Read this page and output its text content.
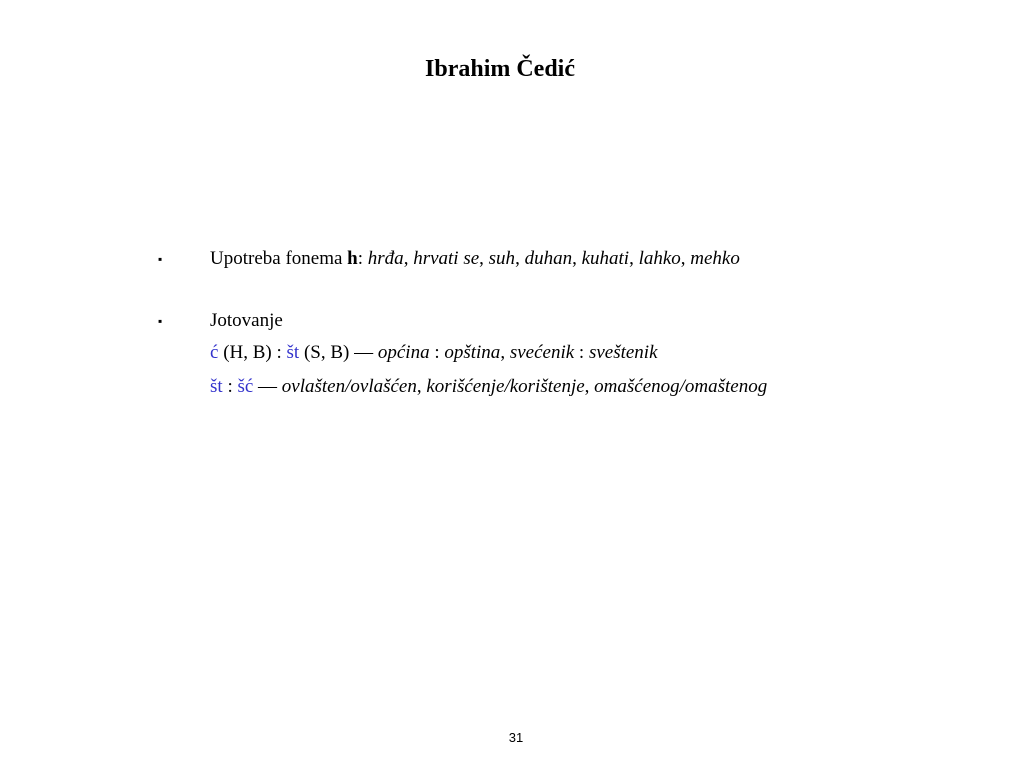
Ibrahim Čedić
▪	Upotreba fonema h: hrđa, hrvati se, suh, duhan, kuhati, lahko, mehko
▪	Jotovanje
ć (H, B) : št (S, B) — općina : opština, svećenik : sveštenik
št : šć — ovlašten/ovlašćen, korišćenje/korištenje, omašćenog/omaštenog
31
